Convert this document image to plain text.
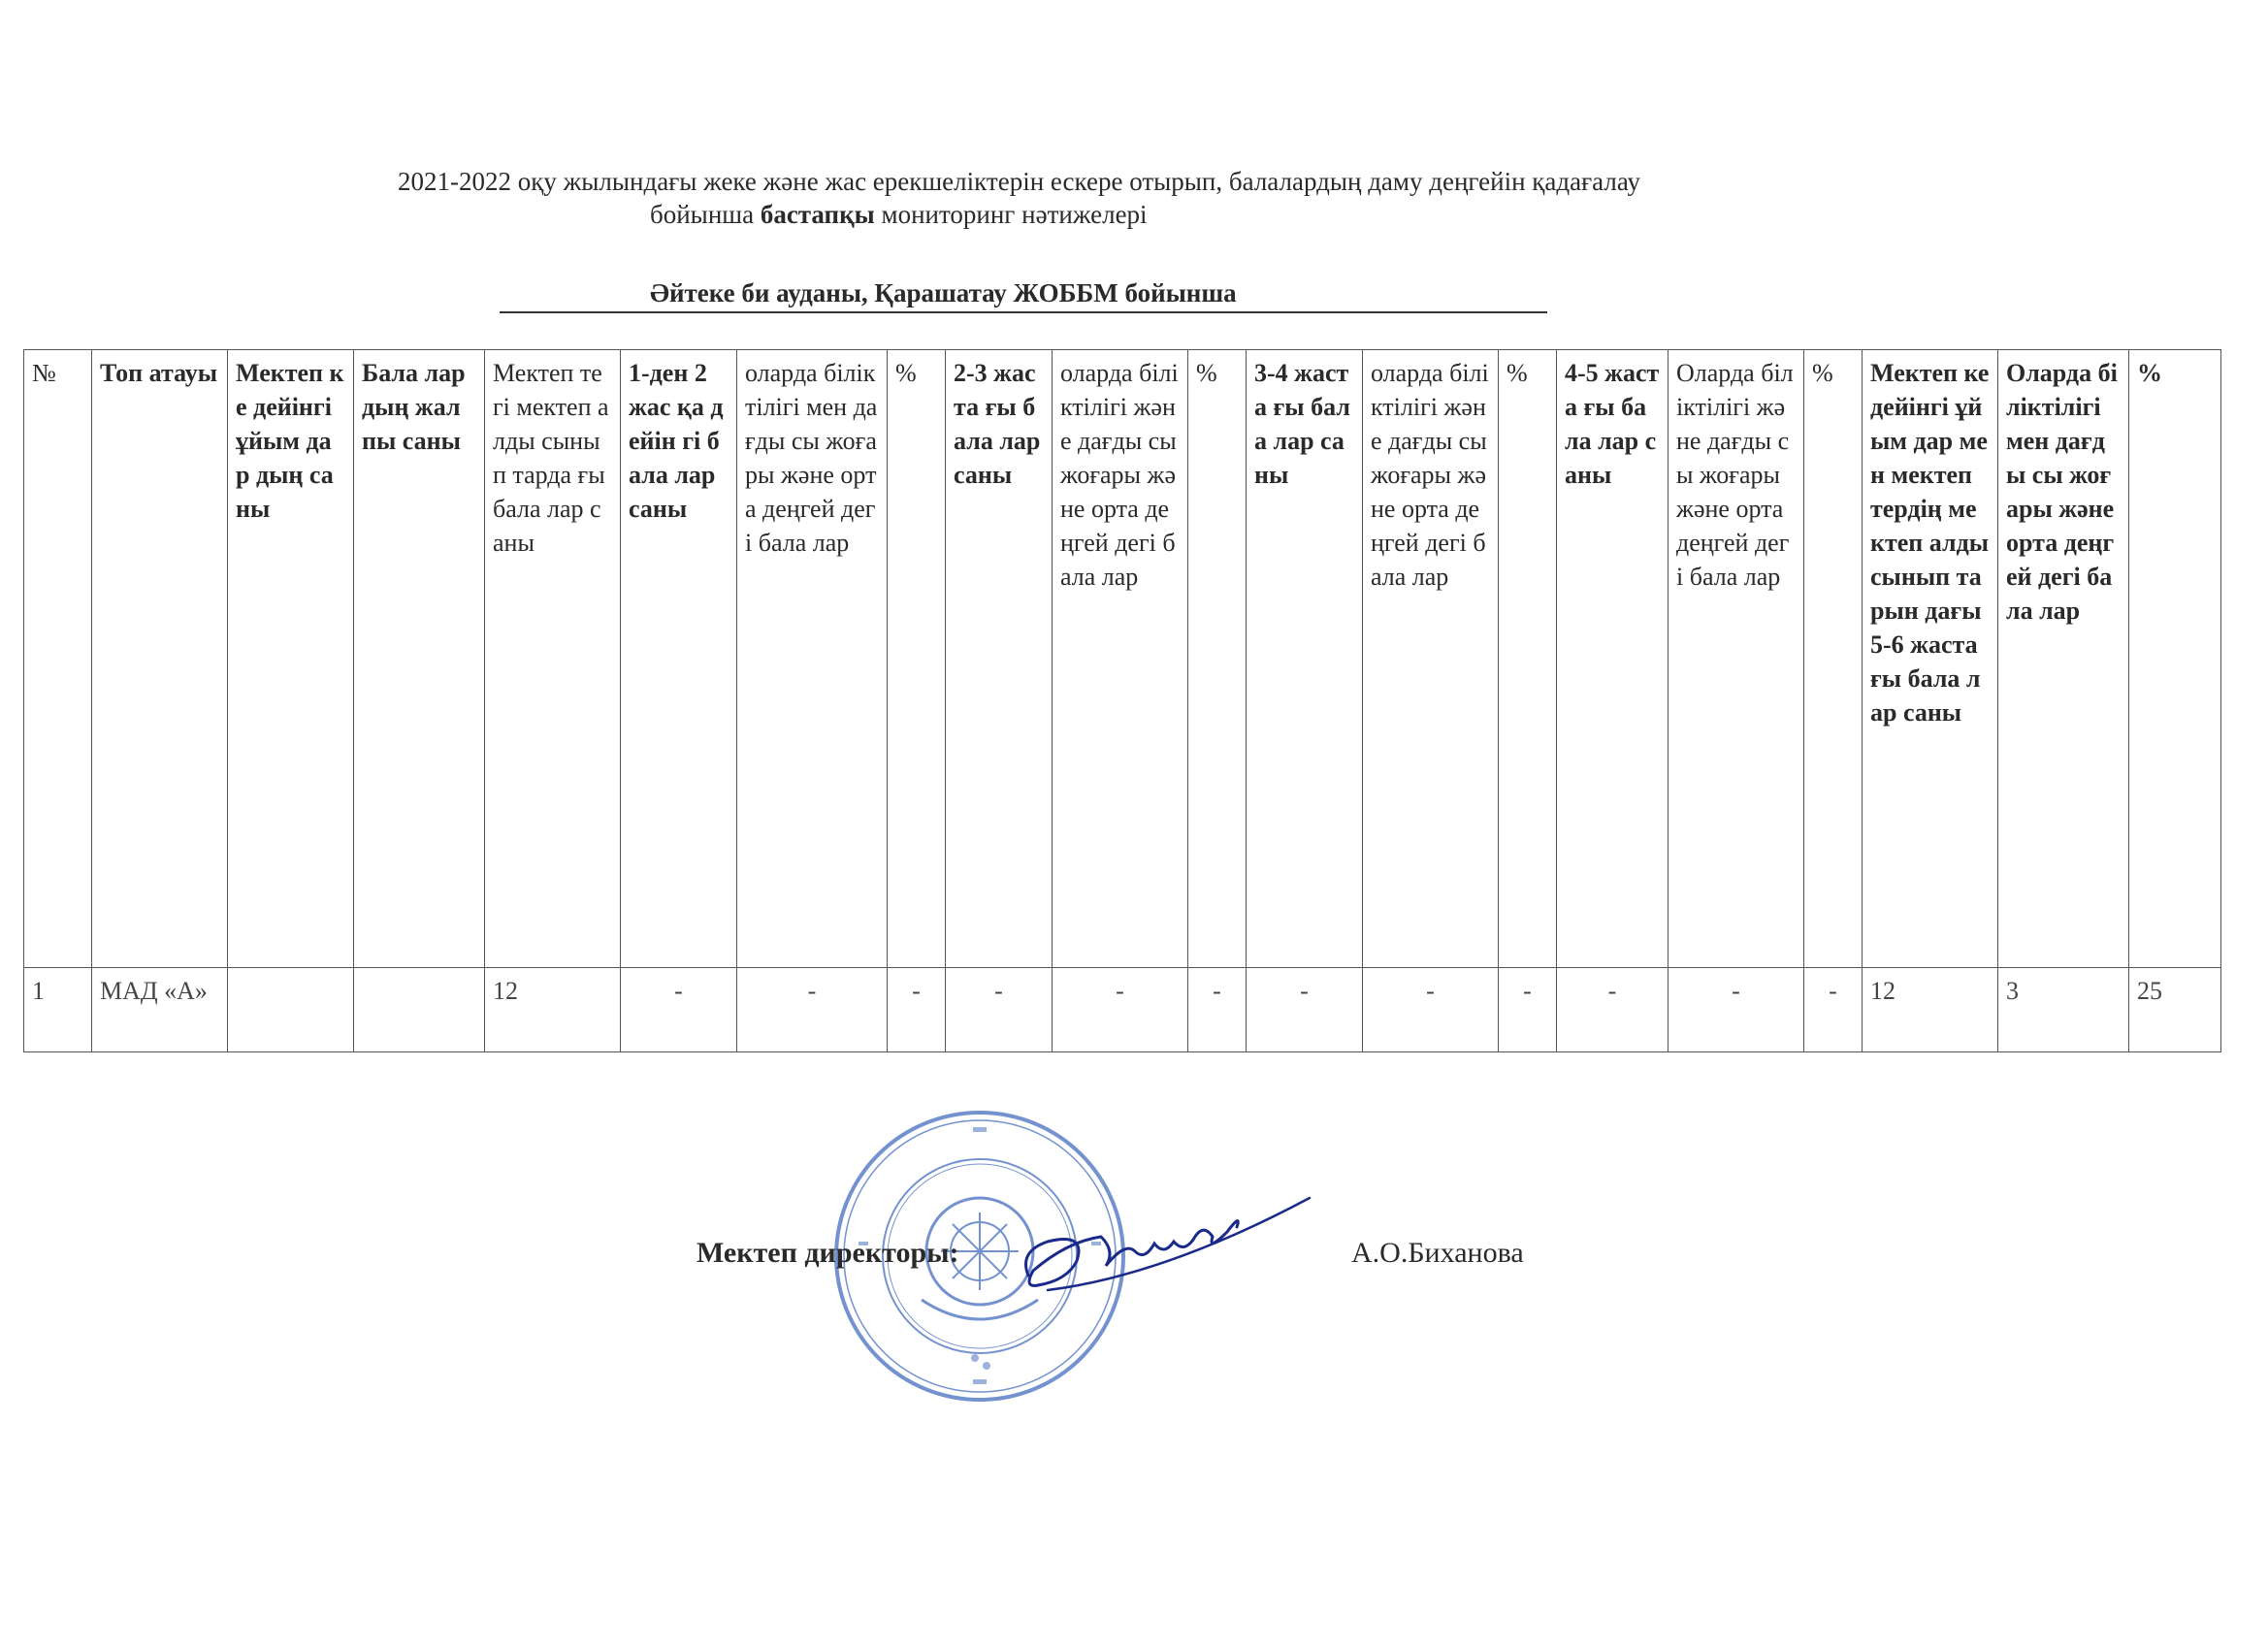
2021-2022 оқу жылындағы жеке және жас ерекшеліктерін ескере отырып, балалардың даму деңгейін қадағалау
бойынша бастапқы мониторинг нәтижелері
Әйтеке би ауданы, Қарашатау ЖОББМ бойынша
№	Топ атауы	Мектеп ке дейінгі ұйым дар дың саны	Бала лар дың жал пы саны	Мектеп тегі мектеп алды сынып тарда ғы бала лар саны	1-ден 2 жас қа дейін гі бала лар саны	оларда біліктілігі мен дағды сы жоғары және орта деңгей дегі бала лар	%	2-3 жаста ғы бала лар саны	оларда біліктілігі және дағды сы жоғары және орта деңгей дегі бала лар	%	3-4 жаста ғы бала лар саны	оларда біліктілігі және дағды сы жоғары және орта деңгей дегі бала лар	%	4-5 жаста ғы бала лар саны	Оларда біліктілігі және дағды сы жоғары және орта деңгей дегі бала лар	%	Мектеп ке дейінгі ұйым дар мен мектеп тердің мектеп алды сынып тарын дағы 5-6 жаста ғы бала лар саны	Оларда біліктілігі мен дағды сы жоғары және орта деңгей дегі бала лар	%
1	МАД «А»			12	-	-	-	-	-	-	-	-	-	-	-	-	12	3	25
Мектеп директоры:	А.О.Биханова
